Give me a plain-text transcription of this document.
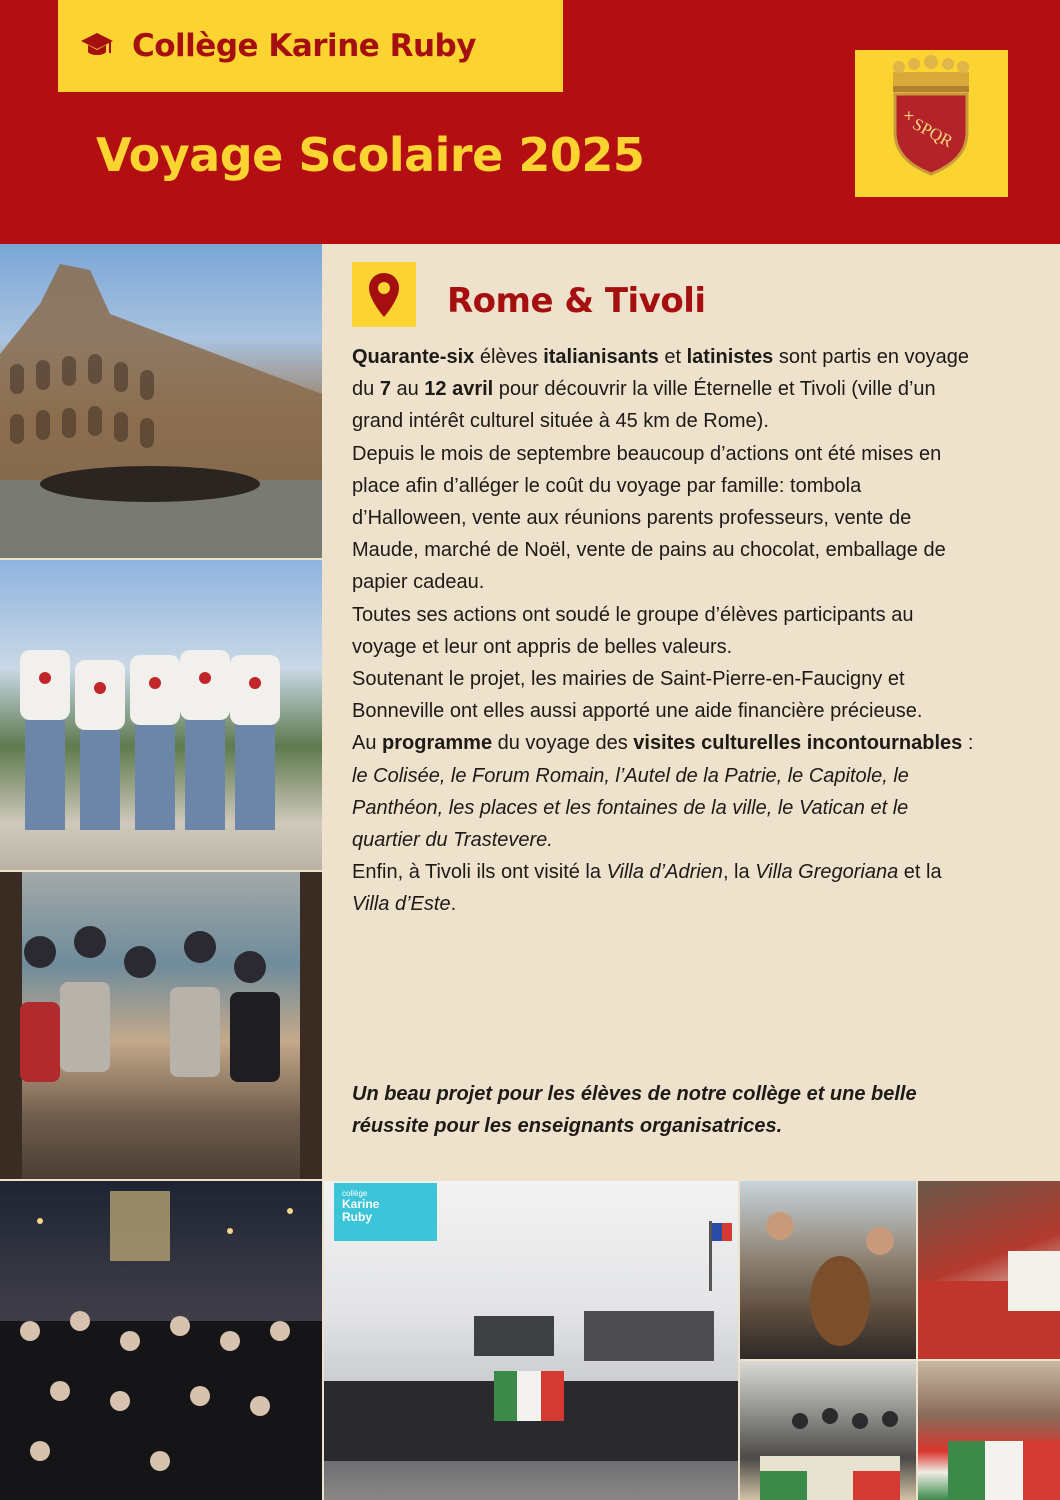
Collège Karine Ruby
Voyage Scolaire 2025
+
SPQR
collège
Karine
Ruby
Rome & Tivoli

Quarante-six élèves italianisants et latinistes sont partis en voyage du 7 au 12 avril pour découvrir la ville Éternelle et Tivoli (ville d’un grand intérêt culturel située à 45 km de Rome).

Depuis le mois de septembre beaucoup d’actions ont été mises en place afin d’alléger le coût du voyage par famille: tombola d’Halloween, vente aux réunions parents professeurs, vente de Maude, marché de Noël, vente de pains au chocolat, emballage de papier cadeau.

Toutes ses actions ont soudé le groupe d’élèves participants au voyage et leur ont appris de belles valeurs.

Soutenant le projet, les mairies de Saint-Pierre-en-Faucigny et Bonneville ont elles aussi apporté une aide financière précieuse.

Au programme du voyage des visites culturelles incontournables : le Colisée, le Forum Romain, l’Autel de la Patrie, le Capitole, le Panthéon, les places et les fontaines de la ville, le Vatican et le quartier du Trastevere.

Enfin, à Tivoli ils ont visité la Villa d’Adrien, la Villa Gregoriana et la Villa d’Este.

Un beau projet pour les élèves de notre collège et une belle réussite pour les enseignants organisatrices.
